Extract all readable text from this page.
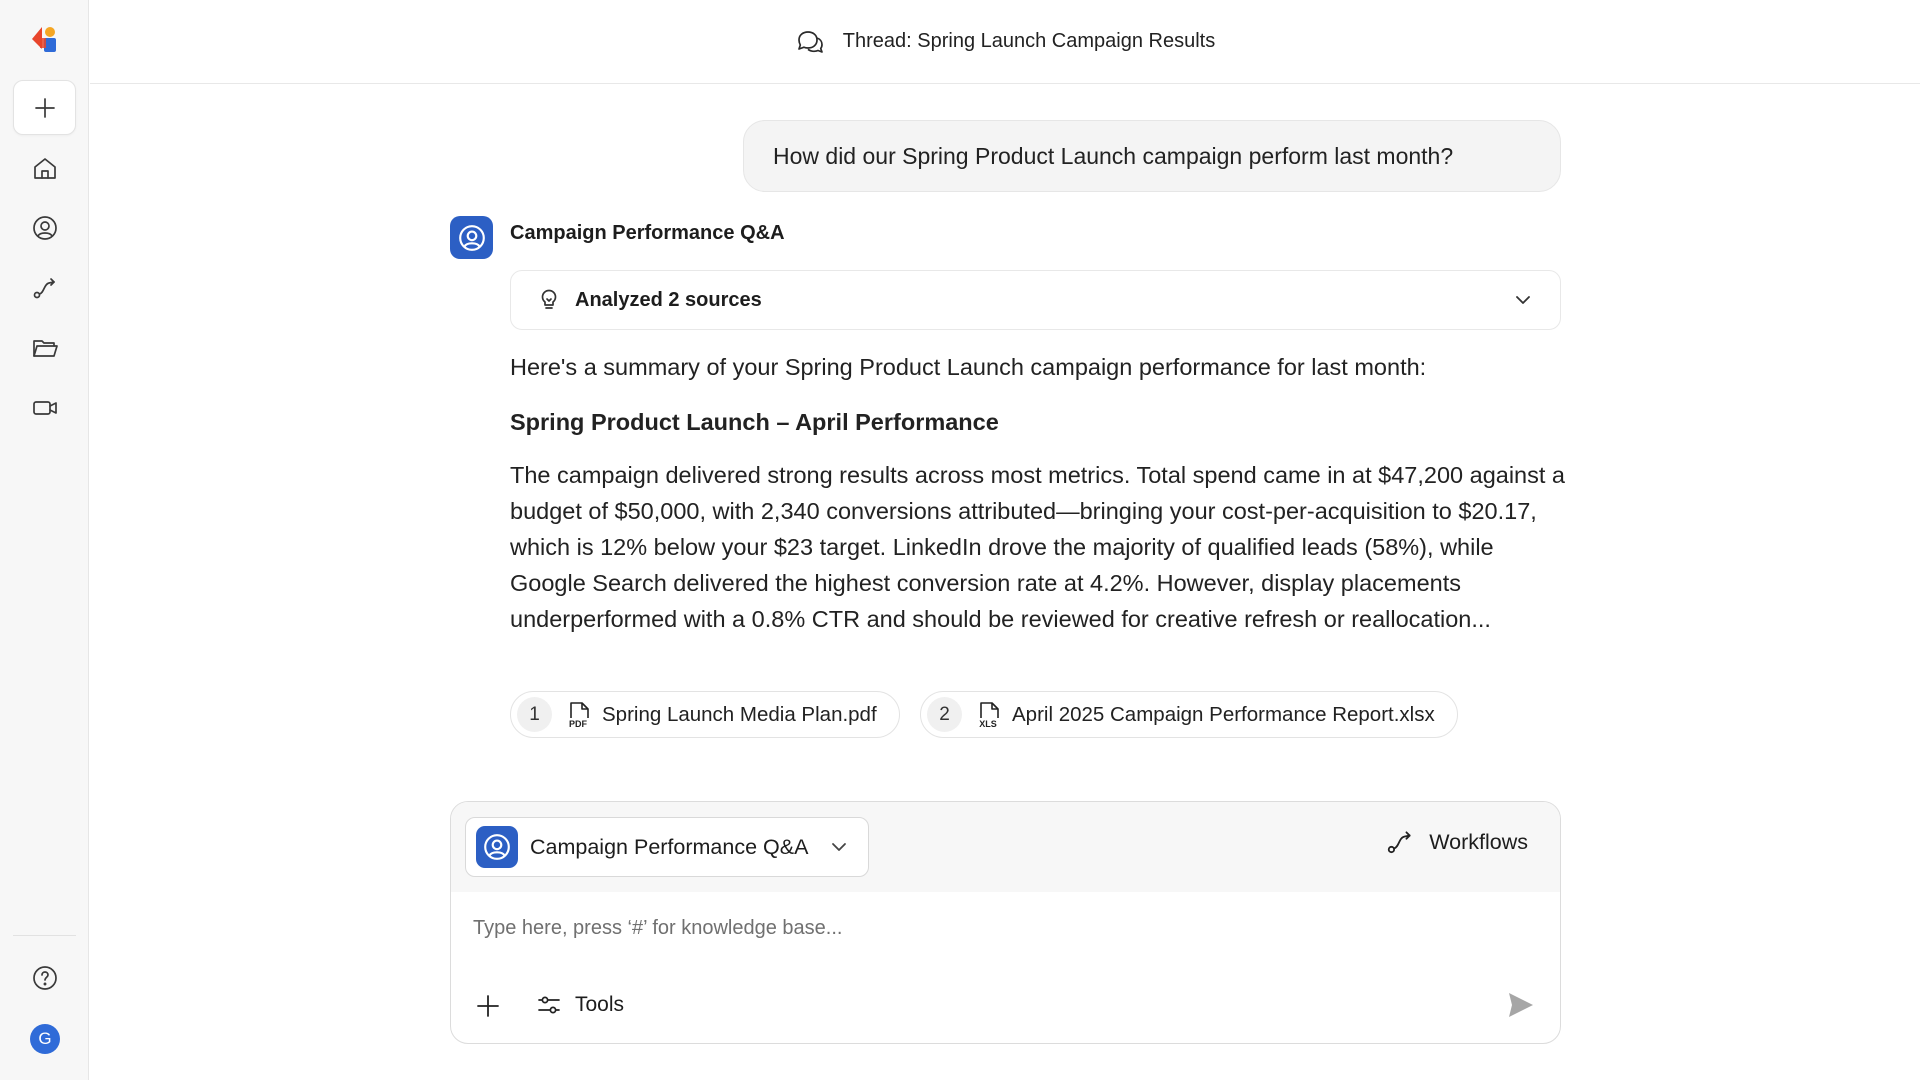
G
Thread: Spring Launch Campaign Results
How did our Spring Product Launch campaign perform last month?
Campaign Performance Q&A
Analyzed 2 sources

Here's a summary of your Spring Product Launch campaign performance for last month:

Spring Product Launch – April Performance

The campaign delivered strong results across most metrics. Total spend came in at $47,200 against a budget of $50,000, with 2,340 conversions attributed—bringing your cost-per-acquisition to $20.17, which is 12% below your $23 target. LinkedIn drove the majority of qualified leads (58%), while Google Search delivered the highest conversion rate at 4.2%. However, display placements underperformed with a 0.8% CTR and should be reviewed for creative refresh or reallocation...

1	PDF Spring Launch Media Plan.pdf	2	XLS April 2025 Campaign Performance Report.xlsx
Campaign Performance Q&A	Workflows
Type here, press ‘#’ for knowledge base...
Tools
